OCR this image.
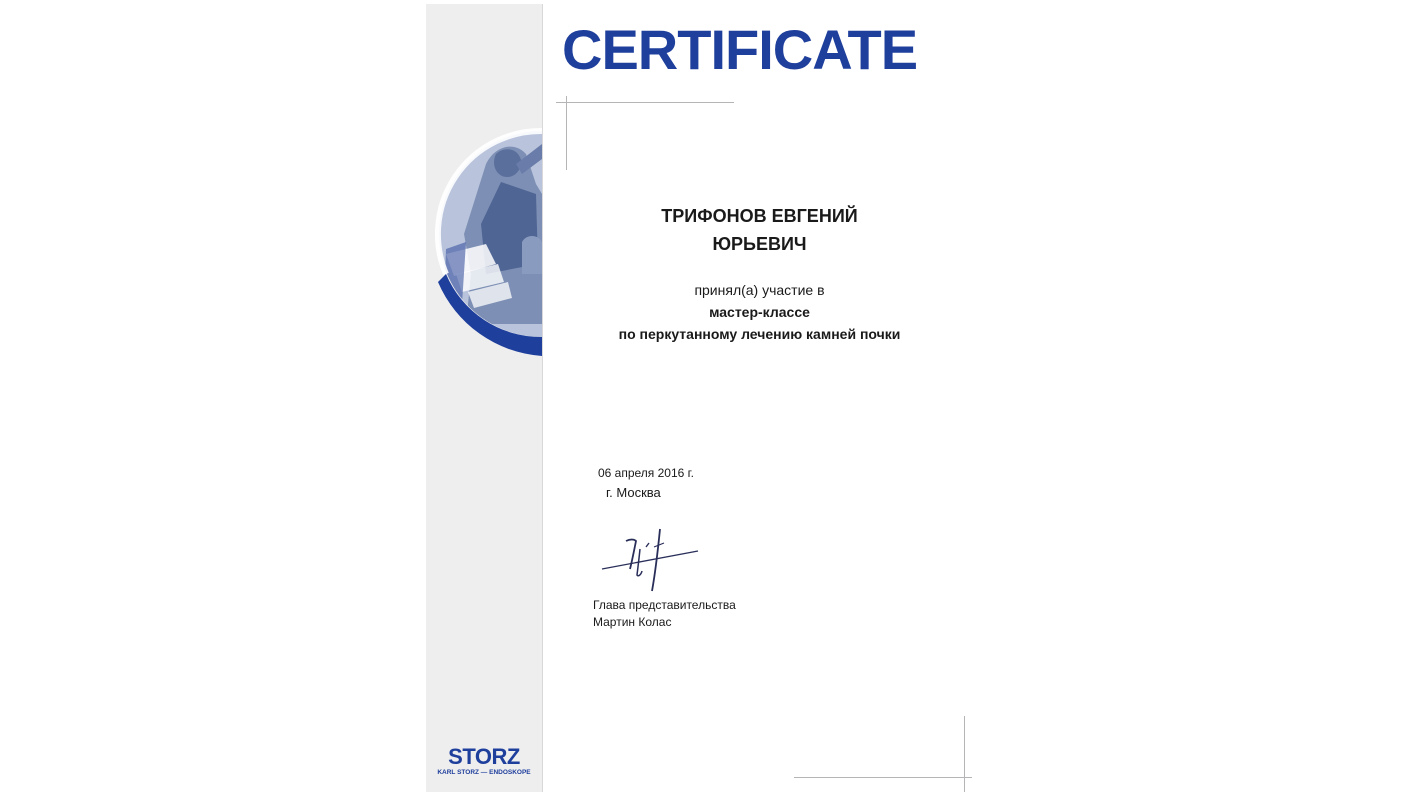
CERTIFICATE
ТРИФОНОВ ЕВГЕНИЙ
ЮРЬЕВИЧ
принял(а) участие в
мастер-классе
по перкутанному лечению камней почки
06 апреля 2016 г.
г. Москва
Глава представительства
Мартин Колас
STORZ
KARL STORZ — ENDOSKOPE
